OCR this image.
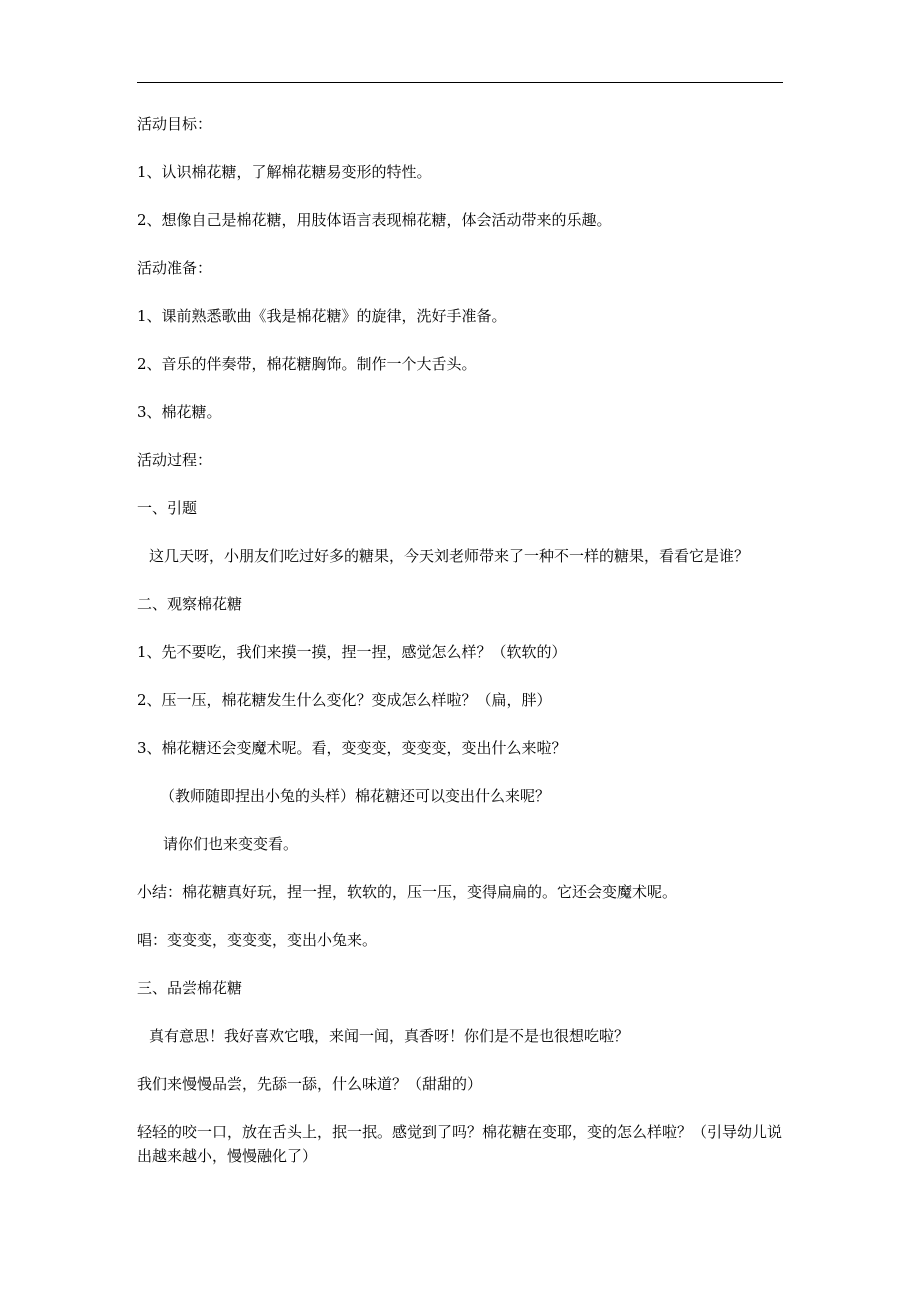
活动目标：

1、认识棉花糖，了解棉花糖易变形的特性。

2、想像自己是棉花糖，用肢体语言表现棉花糖，体会活动带来的乐趣。

活动准备：

1、课前熟悉歌曲《我是棉花糖》的旋律，洗好手准备。

2、音乐的伴奏带，棉花糖胸饰。制作一个大舌头。

3、棉花糖。

活动过程：

一、引题

这几天呀，小朋友们吃过好多的糖果，今天刘老师带来了一种不一样的糖果，看看它是谁？

二、观察棉花糖

1、先不要吃，我们来摸一摸，捏一捏，感觉怎么样？（软软的）

2、压一压，棉花糖发生什么变化？变成怎么样啦？（扁，胖）

3、棉花糖还会变魔术呢。看，变变变，变变变，变出什么来啦？

（教师随即捏出小兔的头样）棉花糖还可以变出什么来呢？

请你们也来变变看。

小结：棉花糖真好玩，捏一捏，软软的，压一压，变得扁扁的。它还会变魔术呢。

唱：变变变，变变变，变出小兔来。

三、品尝棉花糖

真有意思！我好喜欢它哦，来闻一闻，真香呀！你们是不是也很想吃啦？

我们来慢慢品尝，先舔一舔，什么味道？（甜甜的）

轻轻的咬一口，放在舌头上，抿一抿。感觉到了吗？棉花糖在变耶，变的怎么样啦？（引导幼儿说出越来越小，慢慢融化了）
